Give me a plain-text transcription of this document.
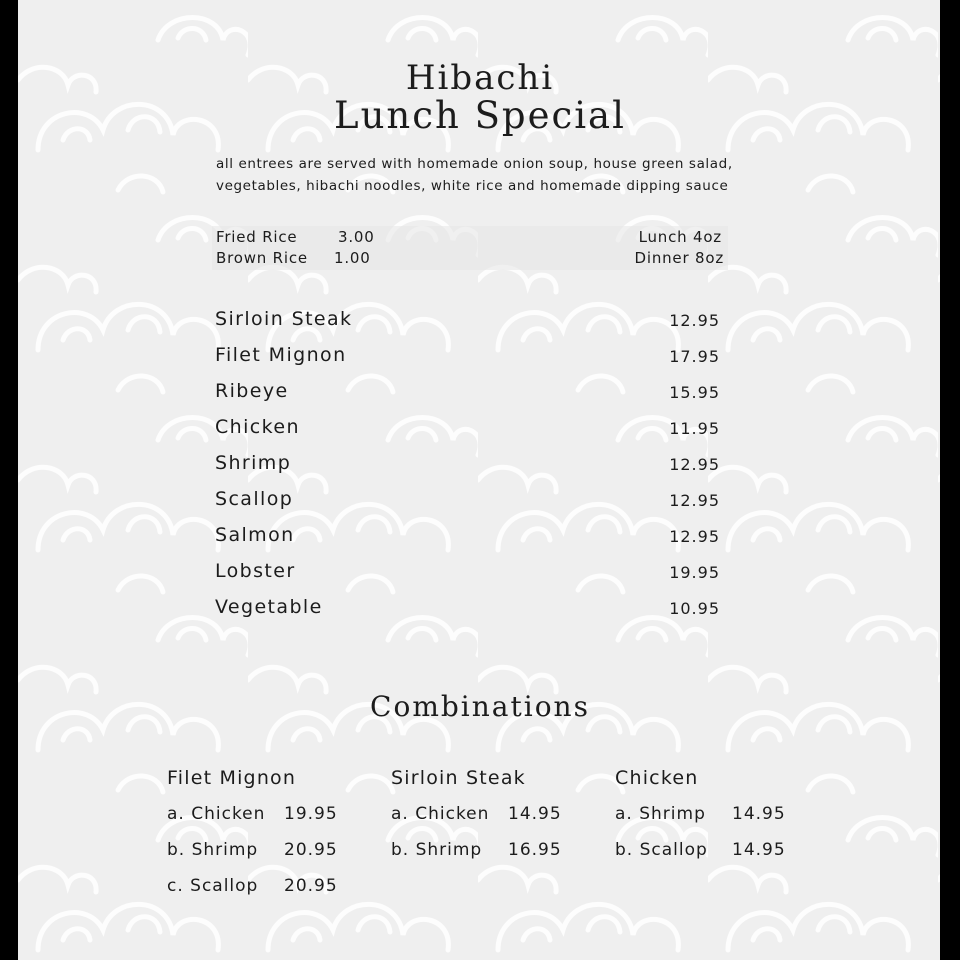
Hibachi
Lunch Special
all entrees are served with homemade onion soup, house green salad,
vegetables, hibachi noodles, white rice and homemade dipping sauce
Fried Rice	3.00
Brown Rice 1.00
Lunch 4oz
Dinner 8oz
Sirloin Steak	12.95
Filet Mignon	17.95
Ribeye	15.95
Chicken	11.95
Shrimp	12.95
Scallop	12.95
Salmon	12.95
Lobster	19.95
Vegetable	10.95
Combinations
Filet Mignon
a. Chicken 19.95
b. Shrimp 20.95
c. Scallop 20.95
Sirloin Steak
a. Chicken 14.95
b. Shrimp 16.95
Chicken
a. Shrimp 14.95
b. Scallop 14.95
